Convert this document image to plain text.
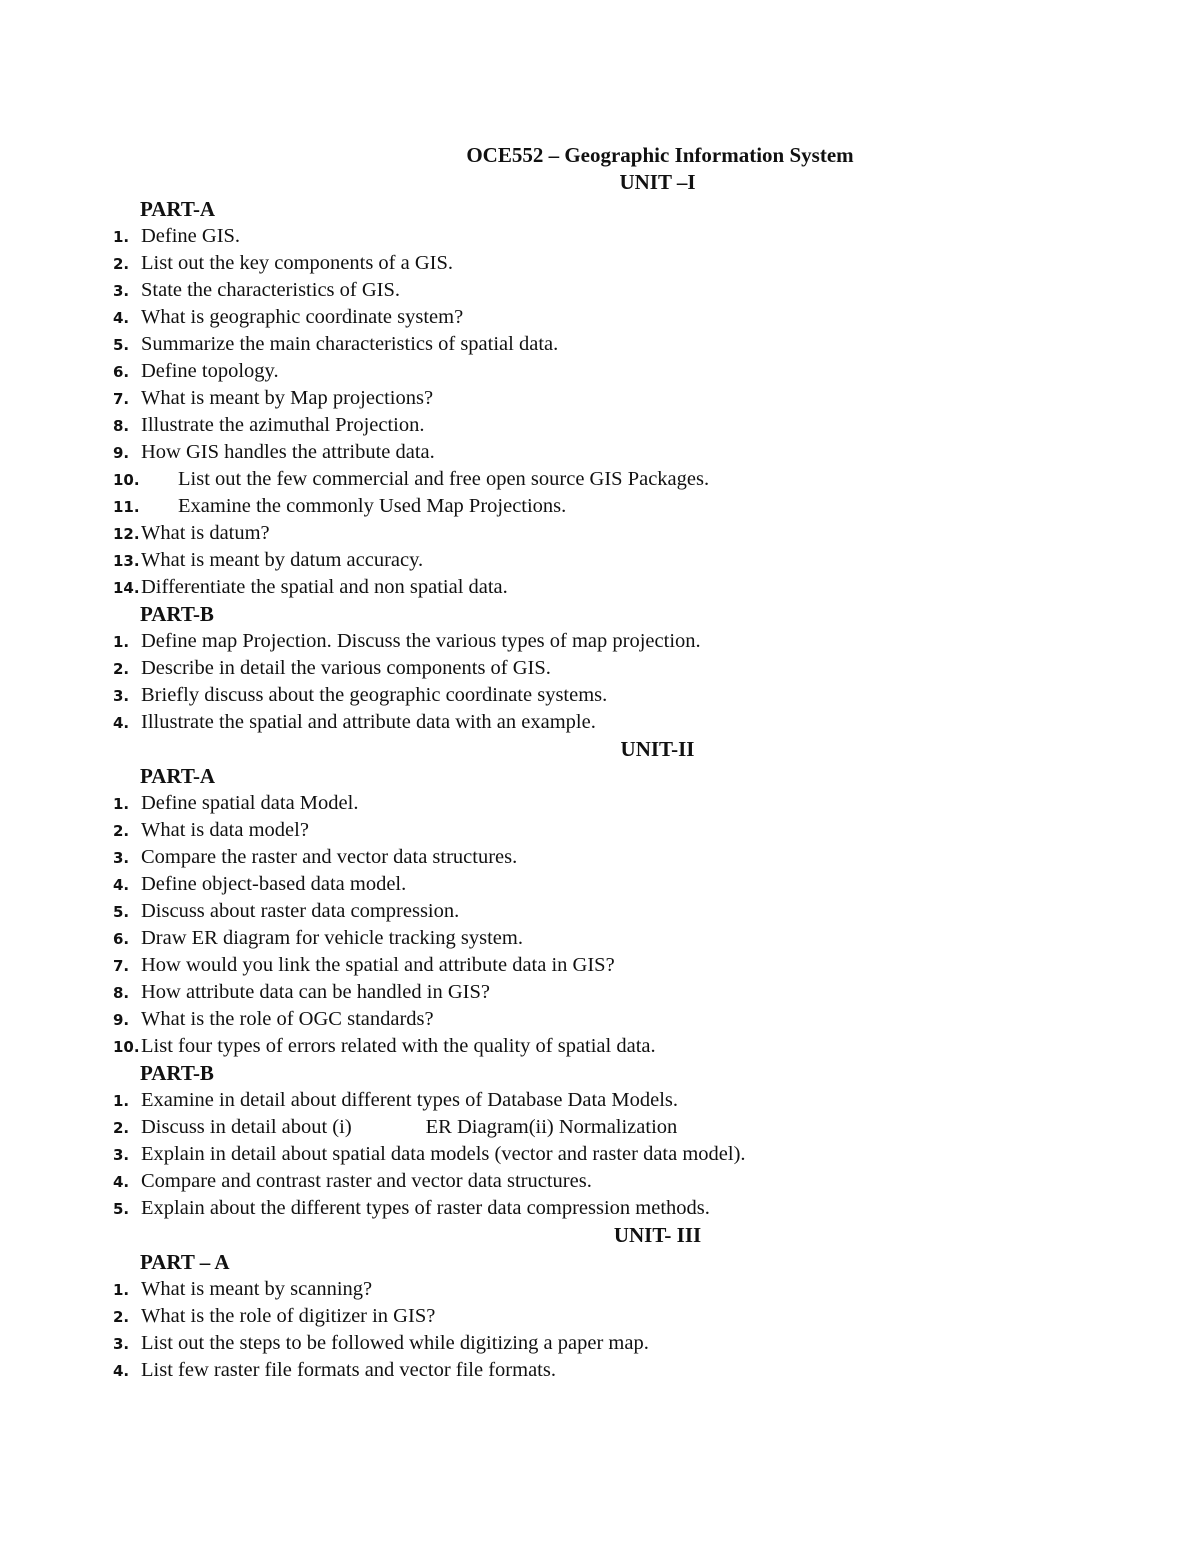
OCE552 – Geographic Information System
UNIT –I
PART-A
1. Define GIS.
2. List out the key components of a GIS.
3. State the characteristics of GIS.
4. What is geographic coordinate system?
5. Summarize the main characteristics of spatial data.
6. Define topology.
7. What is meant by Map projections?
8. Illustrate the azimuthal Projection.
9. How GIS handles the attribute data.
10. List out the few commercial and free open source GIS Packages.
11. Examine the commonly Used Map Projections.
12. What is datum?
13. What is meant by datum accuracy.
14. Differentiate the spatial and non spatial data.
PART-B
1. Define map Projection. Discuss the various types of map projection.
2. Describe in detail the various components of GIS.
3. Briefly discuss about the geographic coordinate systems.
4. Illustrate the spatial and attribute data with an example.
UNIT-II
PART-A
1. Define spatial data Model.
2. What is data model?
3. Compare the raster and vector data structures.
4. Define object-based data model.
5. Discuss about raster data compression.
6. Draw ER diagram for vehicle tracking system.
7. How would you link the spatial and attribute data in GIS?
8. How attribute data can be handled in GIS?
9. What is the role of OGC standards?
10. List four types of errors related with the quality of spatial data.
PART-B
1. Examine in detail about different types of Database Data Models.
2. Discuss in detail about (i)	ER Diagram(ii) Normalization
3. Explain in detail about spatial data models (vector and raster data model).
4. Compare and contrast raster and vector data structures.
5. Explain about the different types of raster data compression methods.
UNIT- III
PART – A
1. What is meant by scanning?
2. What is the role of digitizer in GIS?
3. List out the steps to be followed while digitizing a paper map.
4. List few raster file formats and vector file formats.
